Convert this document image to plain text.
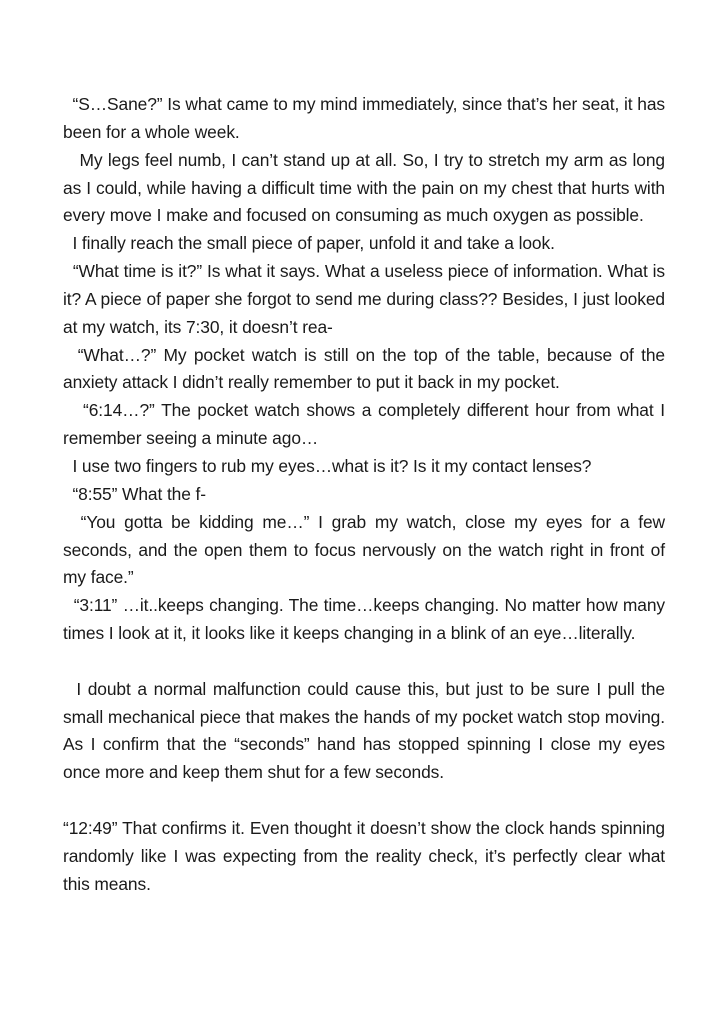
“S…Sane?” Is what came to my mind immediately, since that’s her seat, it has been for a whole week.

My legs feel numb, I can’t stand up at all. So, I try to stretch my arm as long as I could, while having a difficult time with the pain on my chest that hurts with every move I make and focused on consuming as much oxygen as possible.

I finally reach the small piece of paper, unfold it and take a look.

“What time is it?” Is what it says. What a useless piece of information. What is it? A piece of paper she forgot to send me during class?? Besides, I just looked at my watch, its 7:30, it doesn’t rea-

“What…?” My pocket watch is still on the top of the table, because of the anxiety attack I didn’t really remember to put it back in my pocket.

“6:14…?” The pocket watch shows a completely different hour from what I remember seeing a minute ago…

I use two fingers to rub my eyes…what is it? Is it my contact lenses?

“8:55” What the f-

“You gotta be kidding me…” I grab my watch, close my eyes for a few seconds, and the open them to focus nervously on the watch right in front of my face.”

“3:11” …it..keeps changing. The time…keeps changing. No matter how many times I look at it, it looks like it keeps changing in a blink of an eye…literally.

I doubt a normal malfunction could cause this, but just to be sure I pull the small mechanical piece that makes the hands of my pocket watch stop moving. As I confirm that the “seconds” hand has stopped spinning I close my eyes once more and keep them shut for a few seconds.

“12:49” That confirms it. Even thought it doesn’t show the clock hands spinning randomly like I was expecting from the reality check, it’s perfectly clear what this means.
